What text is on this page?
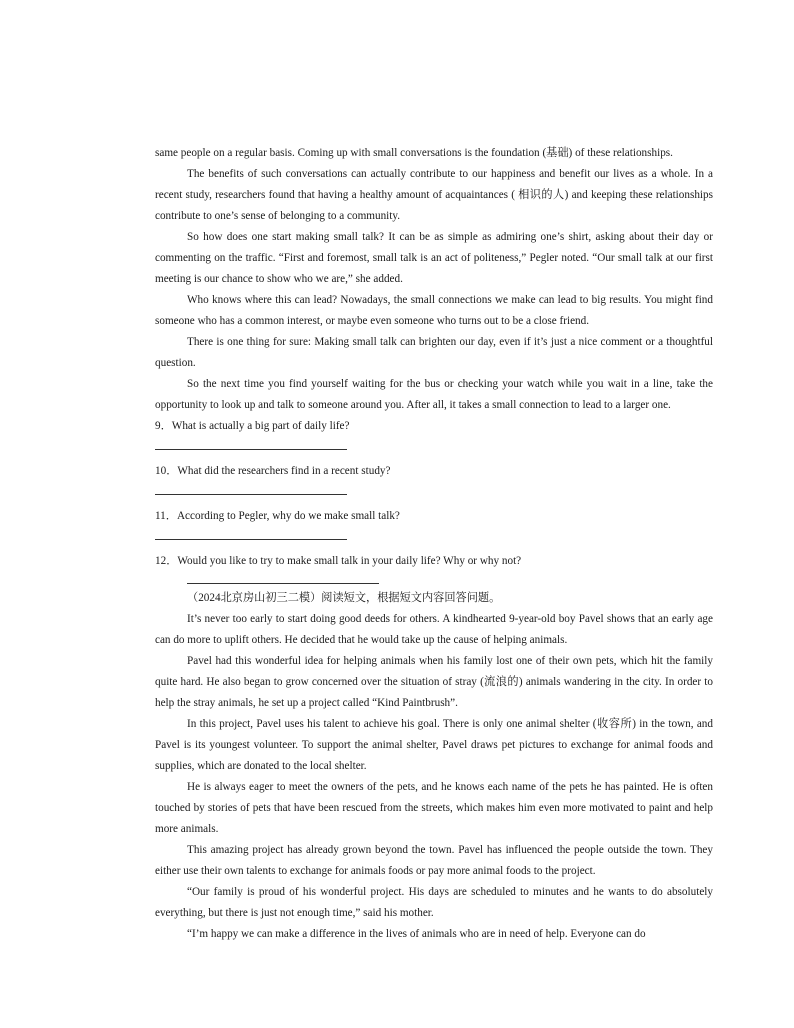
same people on a regular basis. Coming up with small conversations is the foundation (基础) of these relationships.

The benefits of such conversations can actually contribute to our happiness and benefit our lives as a whole. In a recent study, researchers found that having a healthy amount of acquaintances ( 相识的人) and keeping these relationships contribute to one’s sense of belonging to a community.

So how does one start making small talk? It can be as simple as admiring one’s shirt, asking about their day or commenting on the traffic. “First and foremost, small talk is an act of politeness,” Pegler noted. “Our small talk at our first meeting is our chance to show who we are,” she added.

Who knows where this can lead? Nowadays, the small connections we make can lead to big results. You might find someone who has a common interest, or maybe even someone who turns out to be a close friend.

There is one thing for sure: Making small talk can brighten our day, even if it’s just a nice comment or a thoughtful question.

So the next time you find yourself waiting for the bus or checking your watch while you wait in a line, take the opportunity to look up and talk to someone around you. After all, it takes a small connection to lead to a larger one.

9．What is actually a big part of daily life?

10．What did the researchers find in a recent study?

11．According to Pegler, why do we make small talk?

12．Would you like to try to make small talk in your daily life? Why or why not?

（2024北京房山初三二模）阅读短文，根据短文内容回答问题。

It’s never too early to start doing good deeds for others. A kindhearted 9-year-old boy Pavel shows that an early age can do more to uplift others. He decided that he would take up the cause of helping animals.

Pavel had this wonderful idea for helping animals when his family lost one of their own pets, which hit the family quite hard. He also began to grow concerned over the situation of stray (流浪的) animals wandering in the city. In order to help the stray animals, he set up a project called “Kind Paintbrush”.

In this project, Pavel uses his talent to achieve his goal. There is only one animal shelter (收容所) in the town, and Pavel is its youngest volunteer. To support the animal shelter, Pavel draws pet pictures to exchange for animal foods and supplies, which are donated to the local shelter.

He is always eager to meet the owners of the pets, and he knows each name of the pets he has painted. He is often touched by stories of pets that have been rescued from the streets, which makes him even more motivated to paint and help more animals.

This amazing project has already grown beyond the town. Pavel has influenced the people outside the town. They either use their own talents to exchange for animals foods or pay more animal foods to the project.

“Our family is proud of his wonderful project. His days are scheduled to minutes and he wants to do absolutely everything, but there is just not enough time,” said his mother.

“I’m happy we can make a difference in the lives of animals who are in need of help. Everyone can do
